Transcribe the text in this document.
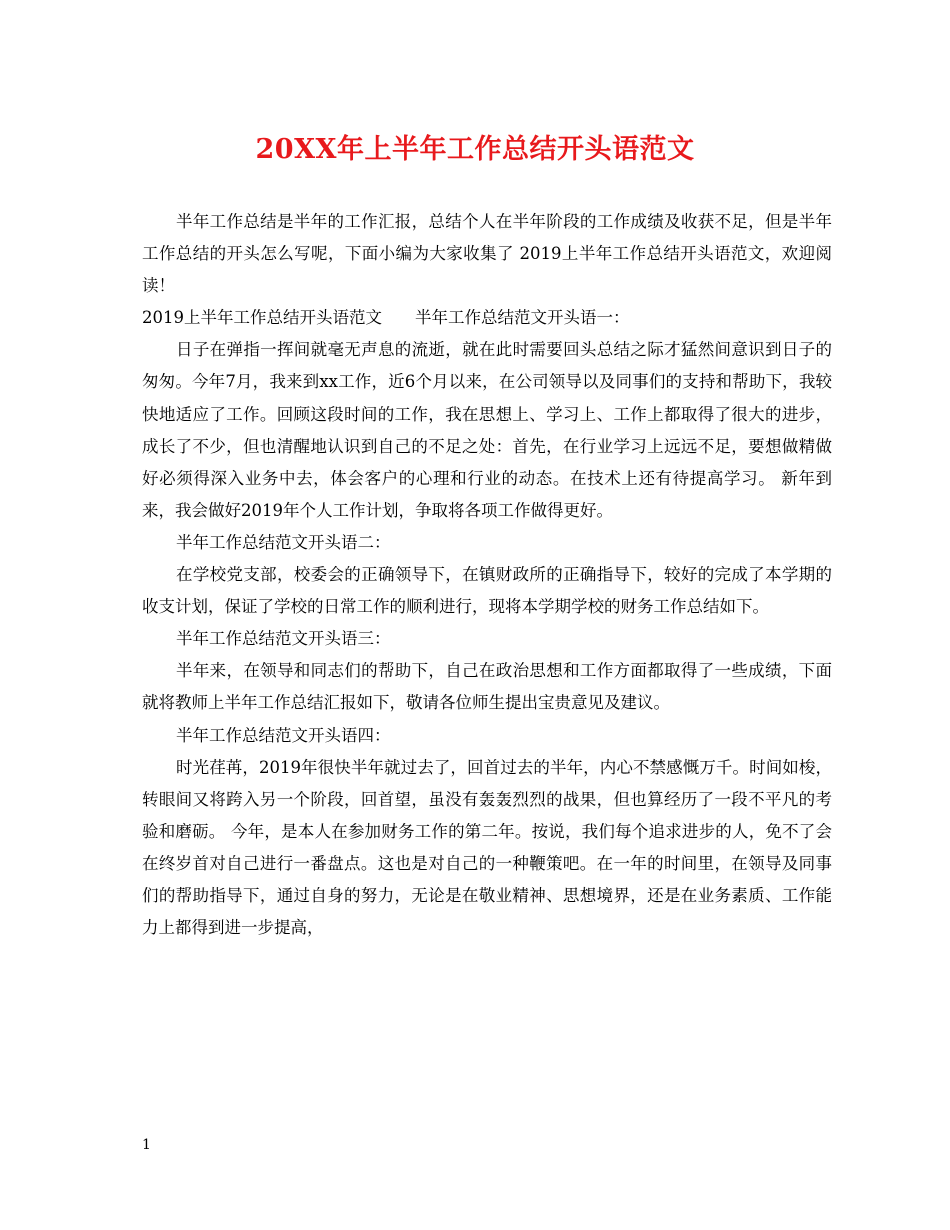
20XX年上半年工作总结开头语范文

半年工作总结是半年的工作汇报，总结个人在半年阶段的工作成绩及收获不足，但是半年工作总结的开头怎么写呢，下面小编为大家收集了 2019上半年工作总结开头语范文，欢迎阅读！

2019上半年工作总结开头语范文　　半年工作总结范文开头语一：

日子在弹指一挥间就毫无声息的流逝，就在此时需要回头总结之际才猛然间意识到日子的匆匆。今年7月，我来到xx工作，近6个月以来，在公司领导以及同事们的支持和帮助下，我较快地适应了工作。回顾这段时间的工作，我在思想上、学习上、工作上都取得了很大的进步，成长了不少，但也清醒地认识到自己的不足之处：首先，在行业学习上远远不足，要想做精做好必须得深入业务中去，体会客户的心理和行业的动态。在技术上还有待提高学习。 新年到来，我会做好2019年个人工作计划，争取将各项工作做得更好。

半年工作总结范文开头语二：

在学校党支部，校委会的正确领导下，在镇财政所的正确指导下，较好的完成了本学期的收支计划，保证了学校的日常工作的顺利进行，现将本学期学校的财务工作总结如下。

半年工作总结范文开头语三：

半年来，在领导和同志们的帮助下，自己在政治思想和工作方面都取得了一些成绩，下面就将教师上半年工作总结汇报如下，敬请各位师生提出宝贵意见及建议。

半年工作总结范文开头语四：

时光荏苒，2019年很快半年就过去了，回首过去的半年，内心不禁感慨万千。时间如梭，转眼间又将跨入另一个阶段，回首望，虽没有轰轰烈烈的战果，但也算经历了一段不平凡的考验和磨砺。 今年，是本人在参加财务工作的第二年。按说，我们每个追求进步的人，免不了会在终岁首对自己进行一番盘点。这也是对自己的一种鞭策吧。在一年的时间里，在领导及同事们的帮助指导下，通过自身的努力，无论是在敬业精神、思想境界，还是在业务素质、工作能力上都得到进一步提高，

1
